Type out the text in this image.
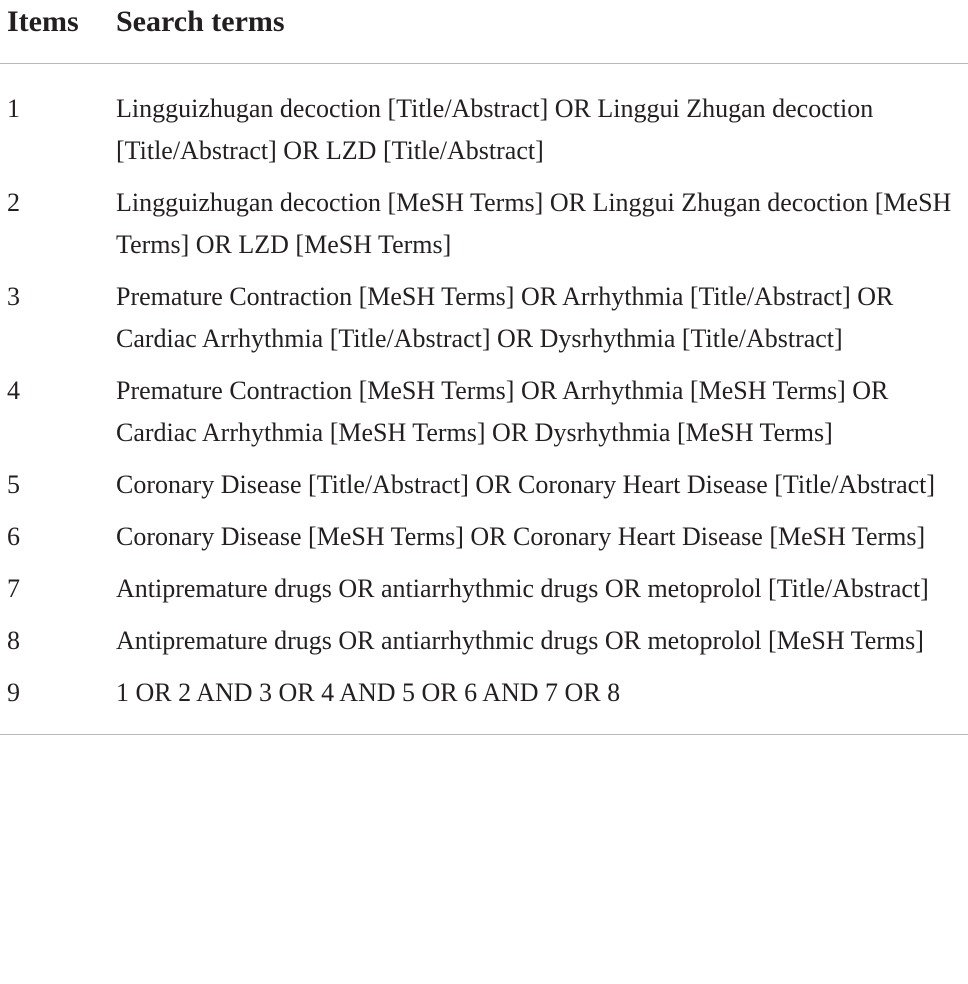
Items	Search terms
1	Lingguizhugan decoction [Title/Abstract] OR Linggui Zhugan decoction [Title/Abstract] OR LZD [Title/Abstract]
2	Lingguizhugan decoction [MeSH Terms] OR Linggui Zhugan decoction [MeSH Terms] OR LZD [MeSH Terms]
3	Premature Contraction [MeSH Terms] OR Arrhythmia [Title/Abstract] OR Cardiac Arrhythmia [Title/Abstract] OR Dysrhythmia [Title/Abstract]
4	Premature Contraction [MeSH Terms] OR Arrhythmia [MeSH Terms] OR Cardiac Arrhythmia [MeSH Terms] OR Dysrhythmia [MeSH Terms]
5	Coronary Disease [Title/Abstract] OR Coronary Heart Disease [Title/Abstract]
6	Coronary Disease [MeSH Terms] OR Coronary Heart Disease [MeSH Terms]
7	Antipremature drugs OR antiarrhythmic drugs OR metoprolol [Title/Abstract]
8	Antipremature drugs OR antiarrhythmic drugs OR metoprolol [MeSH Terms]
9	1 OR 2 AND 3 OR 4 AND 5 OR 6 AND 7 OR 8
